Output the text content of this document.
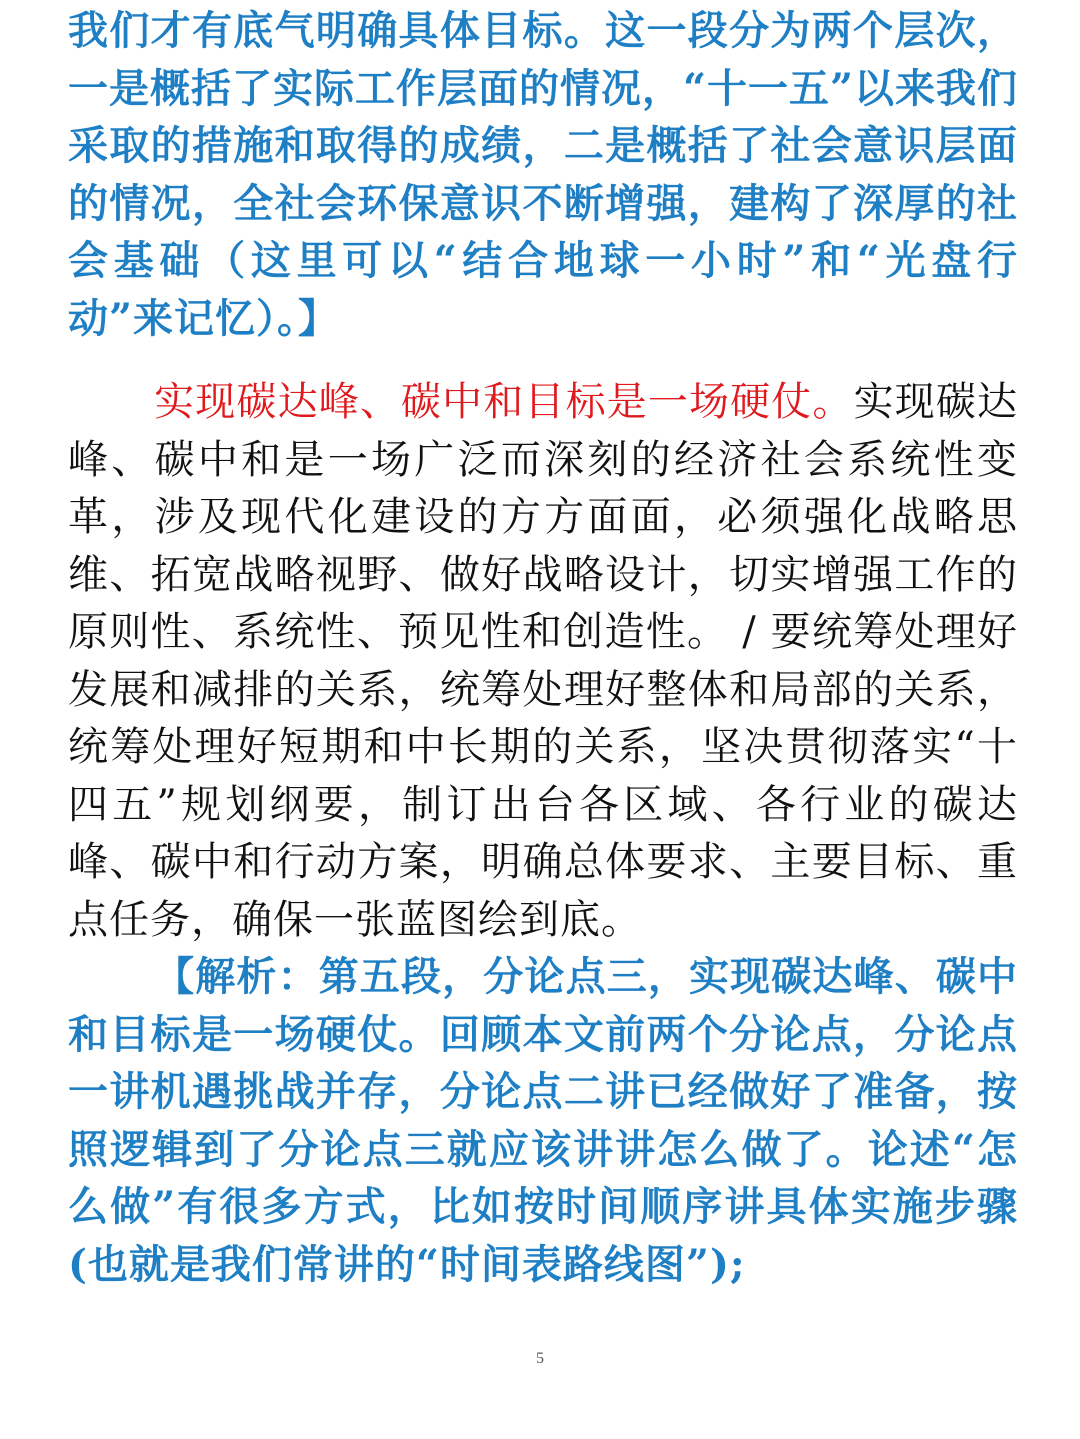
我们才有底气明确具体目标。这一段分为两个层次，一是概括了实际工作层面的情况，“十一五”以来我们采取的措施和取得的成绩，二是概括了社会意识层面的情况，全社会环保意识不断增强，建构了深厚的社会基础（这里可以“结合地球一小时”和“光盘行动”来记忆）。】

实现碳达峰、碳中和目标是一场硬仗。实现碳达峰、碳中和是一场广泛而深刻的经济社会系统性变革，涉及现代化建设的方方面面，必须强化战略思维、拓宽战略视野、做好战略设计，切实增强工作的原则性、系统性、预见性和创造性。 / 要统筹处理好发展和减排的关系，统筹处理好整体和局部的关系，统筹处理好短期和中长期的关系，坚决贯彻落实“十四五”规划纲要，制订出台各区域、各行业的碳达峰、碳中和行动方案，明确总体要求、主要目标、重点任务，确保一张蓝图绘到底。

【解析：第五段，分论点三，实现碳达峰、碳中和目标是一场硬仗。回顾本文前两个分论点，分论点一讲机遇挑战并存，分论点二讲已经做好了准备，按照逻辑到了分论点三就应该讲讲怎么做了。论述“怎么做”有很多方式，比如按时间顺序讲具体实施步骤(也就是我们常讲的“时间表路线图”);

5
